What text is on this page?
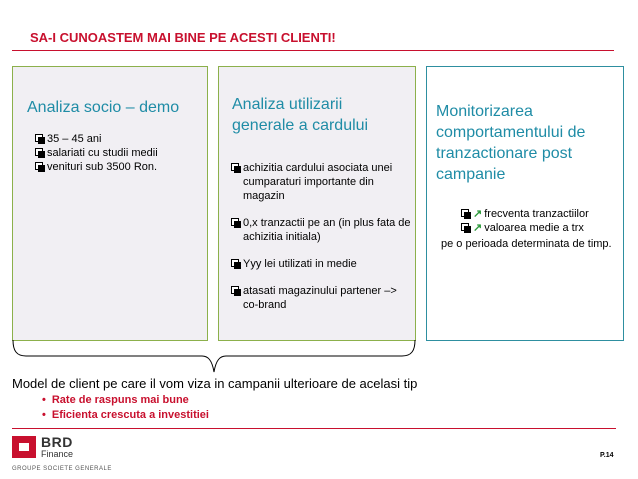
SA-I CUNOASTEM MAI BINE PE ACESTI CLIENTI!
Analiza socio – demo
35 – 45 ani
salariati cu studii medii
venituri sub 3500 Ron.
Analiza utilizarii
generale a cardului
achizitia cardului asociata unei cumparaturi importante din magazin
0,x tranzactii pe an (in plus fata de achizitia initiala)
Yyy lei utilizati in medie
atasati magazinului partener –> co-brand
Monitorizarea
comportamentului de
tranzactionare post
campanie
↗ frecventa tranzactiilor
↗ valoarea medie a trx
pe o perioada determinata de timp.
Model de client pe care il vom viza in campanii ulterioare de acelasi tip
• Rate de raspuns mai bune
• Eficienta crescuta a investitiei
BRD
Finance
GROUPE SOCIETE GENERALE
P.14
